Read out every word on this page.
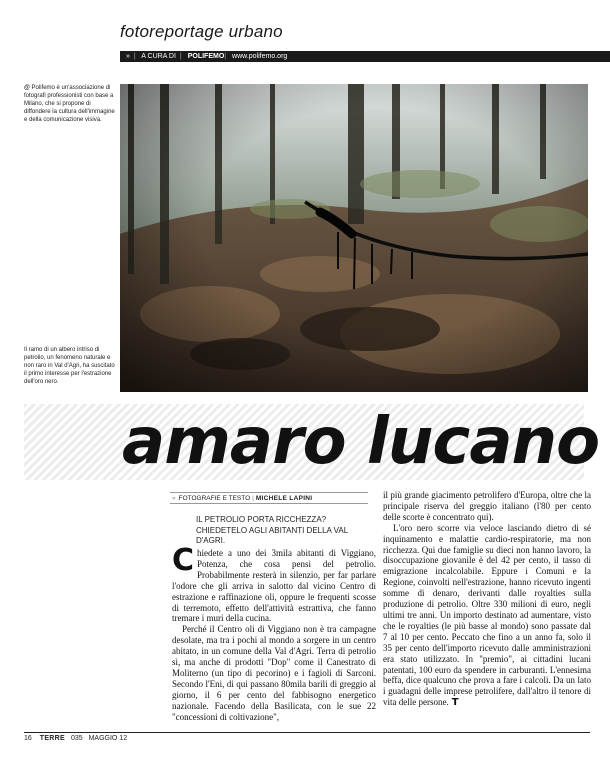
fotoreportage urbano
» | A CURA DI | POLIFEMO| www.polifemo.org
@ Polifemo è un'associazione di fotografi professionisti con base a Milano, che si propone di diffondere la cultura dell'immagine e della comunicazione visiva.
Il ramo di un albero intriso di petrolio, un fenomeno naturale e non raro in Val d'Agri, ha suscitato il primo interesse per l'estrazione dell'oro nero.
amaro lucano
» FOTOGRAFIE E TESTO | MICHELE LAPINI
IL PETROLIO PORTA RICCHEZZA?
CHIEDETELO AGLI ABITANTI DELLA VAL D'AGRI.

Chiedete a uno dei 3mila abitanti di Viggiano, Potenza, che cosa pensi del petrolio. Probabilmente resterà in silenzio, per far parlare l'odore che gli arriva in salotto dal vicino Centro di estrazione e raffinazione oli, oppure le frequenti scosse di terremoto, effetto dell'attività estrattiva, che fanno tremare i muri della cucina.

Perché il Centro oli di Viggiano non è tra campagne desolate, ma tra i pochi al mondo a sorgere in un centro abitato, in un comune della Val d'Agri. Terra di petrolio sì, ma anche di prodotti "Dop" come il Canestrato di Moliterno (un tipo di pecorino) e i fagioli di Sarconi. Secondo l'Eni, di qui passano 80mila barili di greggio al giorno, il 6 per cento del fabbisogno energetico nazionale. Facendo della Basilicata, con le sue 22 "concessioni di coltivazione",

il più grande giacimento petrolifero d'Europa, oltre che la principale riserva del greggio italiano (l'80 per cento delle scorte è concentrato qui).

L'oro nero scorre via veloce lasciando dietro di sé inquinamento e malattie cardio-respiratorie, ma non ricchezza. Qui due famiglie su dieci non hanno lavoro, la disoccupazione giovanile è del 42 per cento, il tasso di emigrazione incalcolabile. Eppure i Comuni e la Regione, coinvolti nell'estrazione, hanno ricevuto ingenti somme di denaro, derivanti dalle royalties sulla produzione di petrolio. Oltre 330 milioni di euro, negli ultimi tre anni. Un importo destinato ad aumentare, visto che le royalties (le più basse al mondo) sono passate dal 7 al 10 per cento. Peccato che fino a un anno fa, solo il 35 per cento dell'importo ricevuto dalle amministrazioni era stato utilizzato. In "premio", ai cittadini lucani patentati, 100 euro da spendere in carburanti. L'ennesima beffa, dice qualcuno che prova a fare i calcoli. Da un lato i guadagni delle imprese petrolifere, dall'altro il tenore di vita delle persone. T

16 TERRE 035 MAGGIO 12
